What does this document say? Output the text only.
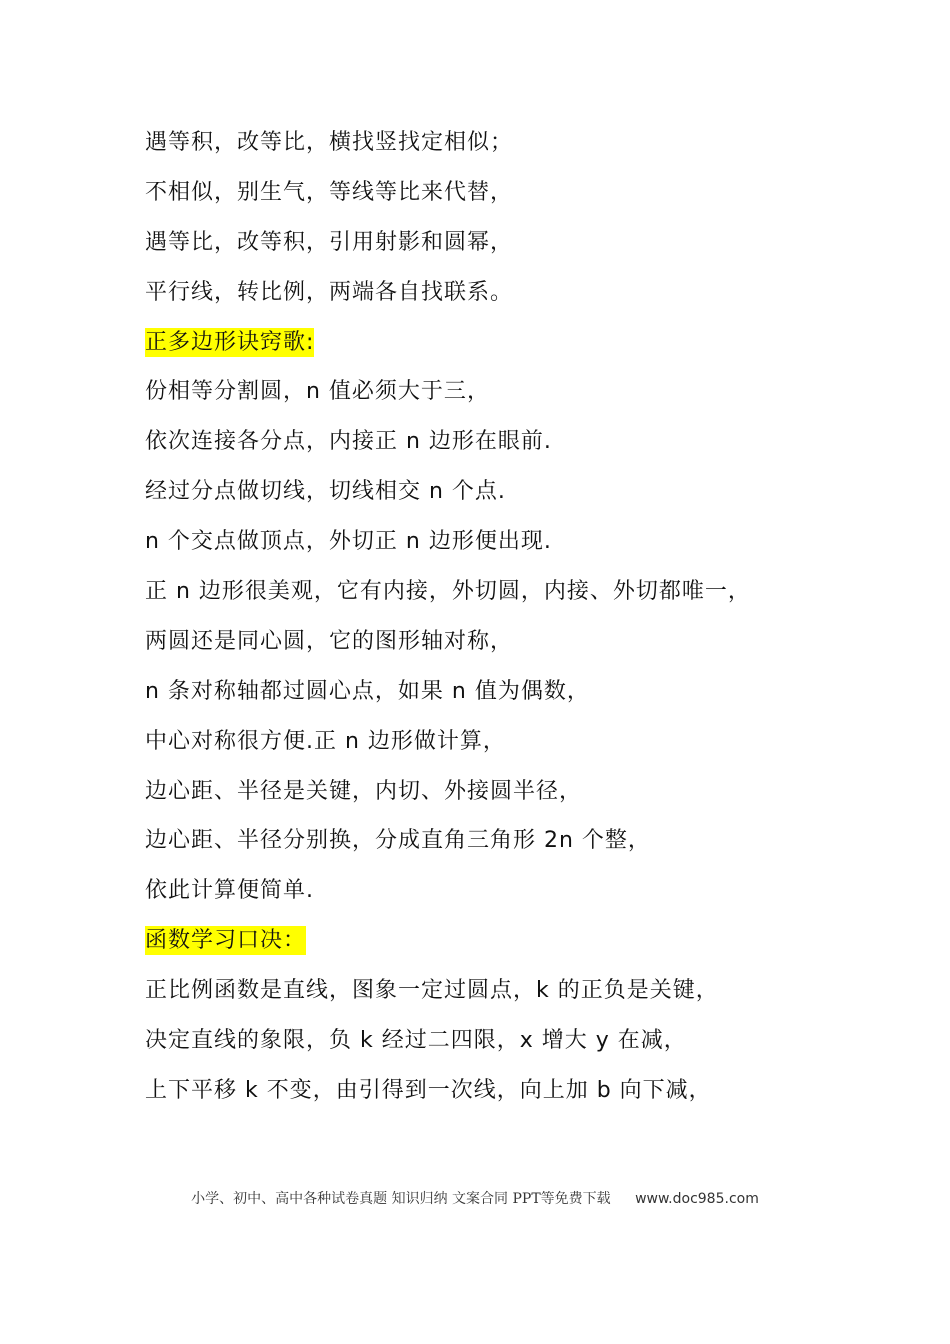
遇等积，改等比，横找竖找定相似；
不相似，别生气，等线等比来代替，
遇等比，改等积，引用射影和圆幂，
平行线，转比例，两端各自找联系。
正多边形诀窍歌:
份相等分割圆，n 值必须大于三，
依次连接各分点，内接正 n 边形在眼前.
经过分点做切线，切线相交 n 个点.
n 个交点做顶点，外切正 n 边形便出现.
正 n 边形很美观，它有内接，外切圆，内接、外切都唯一，
两圆还是同心圆，它的图形轴对称，
n 条对称轴都过圆心点，如果 n 值为偶数，
中心对称很方便.正 n 边形做计算，
边心距、半径是关键，内切、外接圆半径，
边心距、半径分别换，分成直角三角形 2n 个整，
依此计算便简单.
函数学习口决：
正比例函数是直线，图象一定过圆点，k 的正负是关键，
决定直线的象限，负 k 经过二四限，x 增大 y 在减，
上下平移 k 不变，由引得到一次线，向上加 b 向下减，
小学、初中、高中各种试卷真题 知识归纳 文案合同 PPT等免费下载 www.doc985.com
